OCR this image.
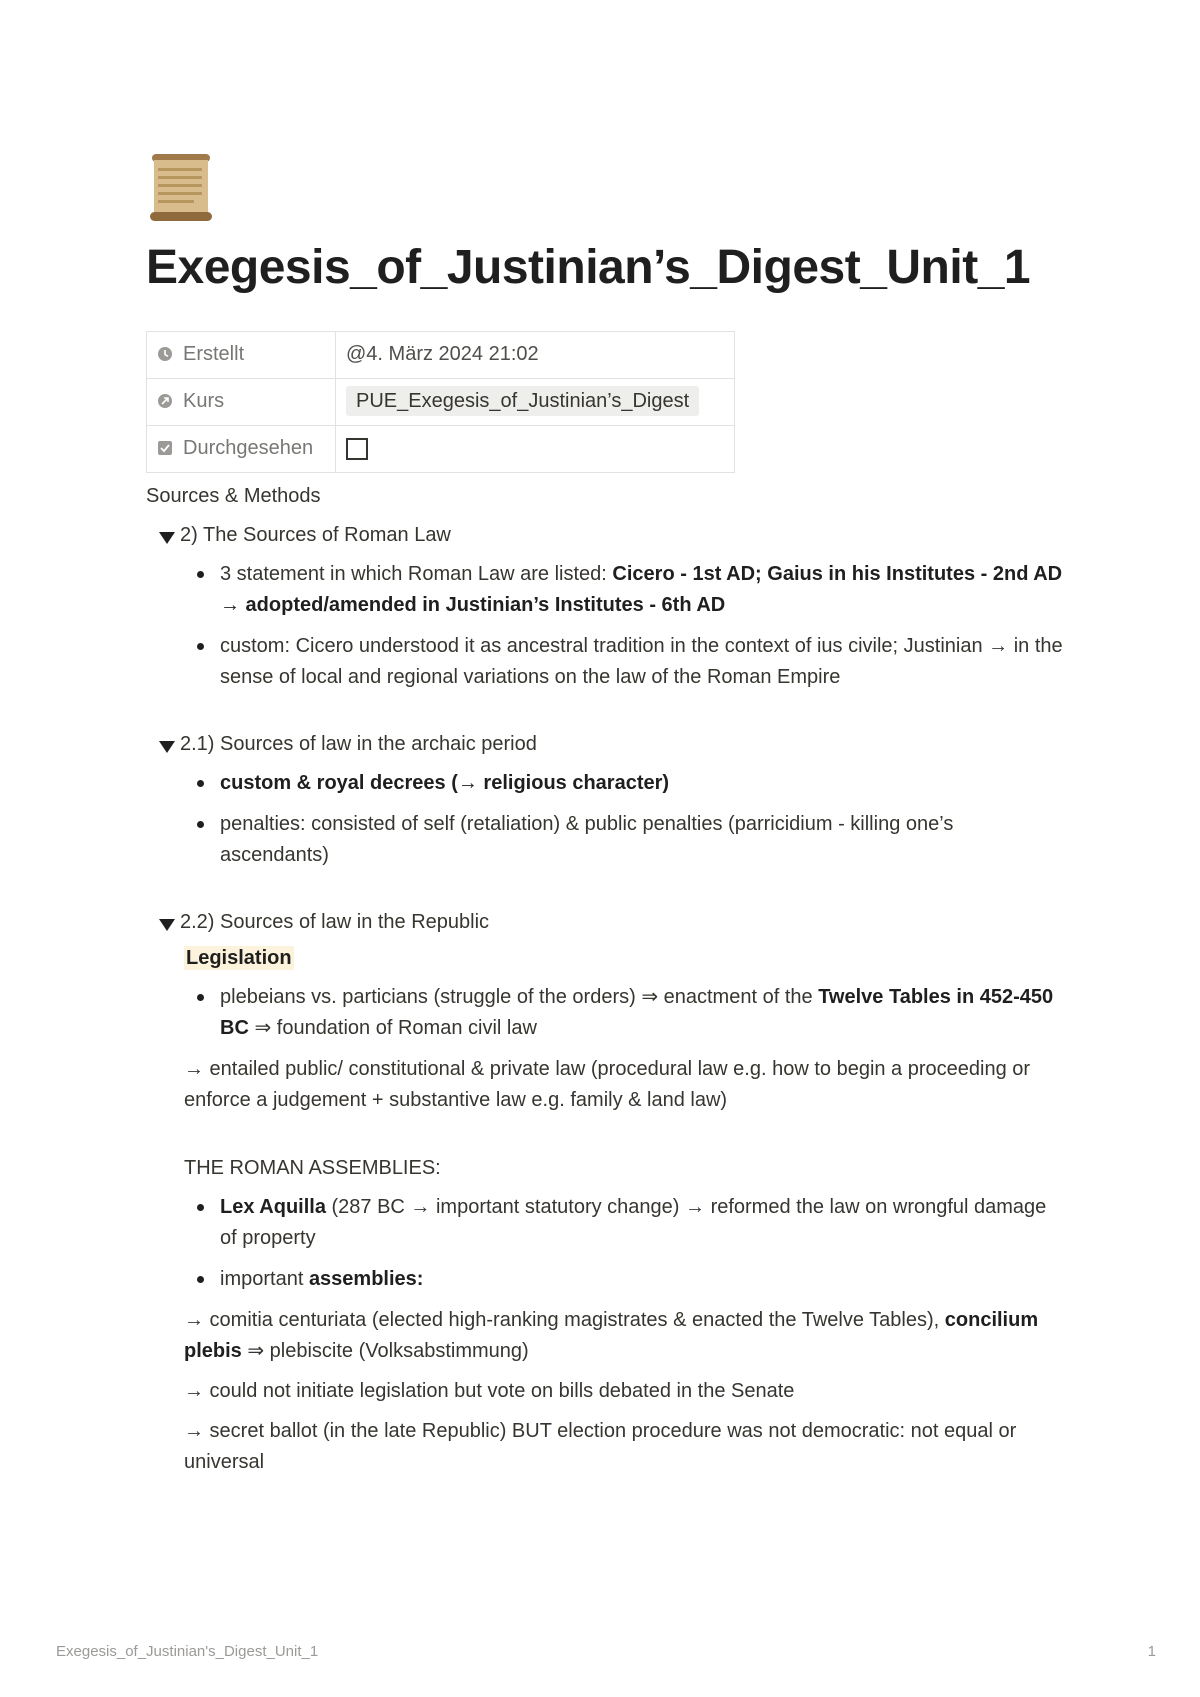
Exegesis_of_Justinian’s_Digest_Unit_1
Erstellt	@4. März 2024 21:02
Kurs	PUE_Exegesis_of_Justinian’s_Digest
Durchgesehen	

Sources & Methods

2) The Sources of Roman Law
3 statement in which Roman Law are listed: Cicero - 1st AD; Gaius in his Institutes - 2nd AD → adopted/amended in Justinian’s Institutes - 6th AD
custom: Cicero understood it as ancestral tradition in the context of ius civile; Justinian → in the sense of local and regional variations on the law of the Roman Empire
2.1) Sources of law in the archaic period
custom & royal decrees (→ religious character)
penalties: consisted of self (retaliation) & public penalties (parricidium - killing one’s ascendants)
2.2) Sources of law in the Republic

Legislation

plebeians vs. particians (struggle of the orders) ⇒ enactment of the Twelve Tables in 452-450 BC ⇒ foundation of Roman civil law

→ entailed public/ constitutional & private law (procedural law e.g. how to begin a proceeding or enforce a judgement + substantive law e.g. family & land law)

THE ROMAN ASSEMBLIES:

Lex Aquilla (287 BC → important statutory change) → reformed the law on wrongful damage of property
important assemblies:

→ comitia centuriata (elected high-ranking magistrates & enacted the Twelve Tables), concilium plebis ⇒ plebiscite (Volksabstimmung)

→ could not initiate legislation but vote on bills debated in the Senate

→ secret ballot (in the late Republic) BUT election procedure was not democratic: not equal or universal

Exegesis_of_Justinian's_Digest_Unit_1	1
